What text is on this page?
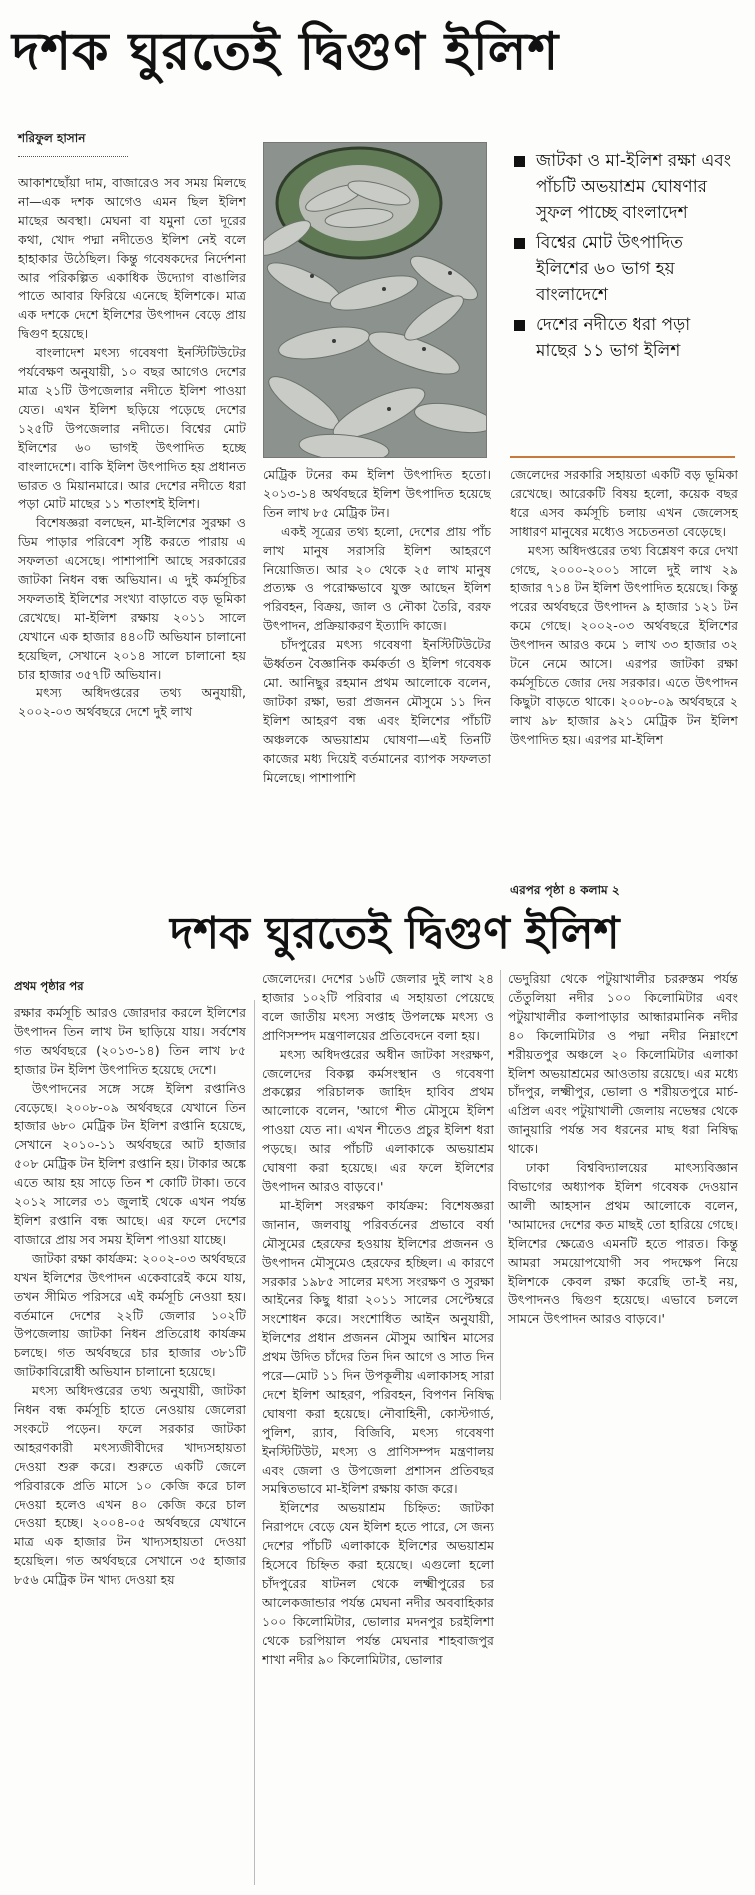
দশক ঘুরতেই দ্বিগুণ ইলিশ
শরিফুল হাসান

আকাশছোঁয়া দাম, বাজারেও সব সময় মিলছে না—এক দশক আগেও এমন ছিল ইলিশ মাছের অবস্থা। মেঘনা বা যমুনা তো দূরের কথা, খোদ পদ্মা নদীতেও ইলিশ নেই বলে হাহাকার উঠেছিল। কিন্তু গবেষকদের নির্দেশনা আর পরিকল্পিত একাধিক উদ্যোগ বাঙালির পাতে আবার ফিরিয়ে এনেছে ইলিশকে। মাত্র এক দশকে দেশে ইলিশের উৎপাদন বেড়ে প্রায় দ্বিগুণ হয়েছে।

বাংলাদেশ মৎস্য গবেষণা ইনস্টিটিউটের পর্যবেক্ষণ অনুযায়ী, ১০ বছর আগেও দেশের মাত্র ২১টি উপজেলার নদীতে ইলিশ পাওয়া যেত। এখন ইলিশ ছড়িয়ে পড়েছে দেশের ১২৫টি উপজেলার নদীতে। বিশ্বের মোট ইলিশের ৬০ ভাগই উৎপাদিত হচ্ছে বাংলাদেশে। বাকি ইলিশ উৎপাদিত হয় প্রধানত ভারত ও মিয়ানমারে। আর দেশের নদীতে ধরা পড়া মোট মাছের ১১ শতাংশই ইলিশ।

বিশেষজ্ঞরা বলছেন, মা-ইলিশের সুরক্ষা ও ডিম পাড়ার পরিবেশ সৃষ্টি করতে পারায় এ সফলতা এসেছে। পাশাপাশি আছে সরকারের জাটকা নিধন বন্ধ অভিযান। এ দুই কর্মসূচির সফলতাই ইলিশের সংখ্যা বাড়াতে বড় ভূমিকা রেখেছে। মা-ইলিশ রক্ষায় ২০১১ সালে যেখানে এক হাজার ৪৪০টি অভিযান চালানো হয়েছিল, সেখানে ২০১৪ সালে চালানো হয় চার হাজার ৩৫৭টি অভিযান।

মৎস্য অধিদপ্তরের তথ্য অনুযায়ী, ২০০২-০৩ অর্থবছরে দেশে দুই লাখ

জাটকা ও মা-ইলিশ রক্ষা এবং পাঁচটি অভয়াশ্রম ঘোষণার সুফল পাচ্ছে বাংলাদেশ
বিশ্বের মোট উৎপাদিত ইলিশের ৬০ ভাগ হয় বাংলাদেশে
দেশের নদীতে ধরা পড়া মাছের ১১ ভাগ ইলিশ

মেট্রিক টনের কম ইলিশ উৎপাদিত হতো। ২০১৩-১৪ অর্থবছরে ইলিশ উৎপাদিত হয়েছে তিন লাখ ৮৫ মেট্রিক টন।

একই সূত্রের তথ্য হলো, দেশের প্রায় পাঁচ লাখ মানুষ সরাসরি ইলিশ আহরণে নিয়োজিত। আর ২০ থেকে ২৫ লাখ মানুষ প্রত্যক্ষ ও পরোক্ষভাবে যুক্ত আছেন ইলিশ পরিবহন, বিক্রয়, জাল ও নৌকা তৈরি, বরফ উৎপাদন, প্রক্রিয়াকরণ ইত্যাদি কাজে।

চাঁদপুরের মৎস্য গবেষণা ইনস্টিটিউটের ঊর্ধ্বতন বৈজ্ঞানিক কর্মকর্তা ও ইলিশ গবেষক মো. আনিছুর রহমান প্রথম আলোকে বলেন, জাটকা রক্ষা, ভরা প্রজনন মৌসুমে ১১ দিন ইলিশ আহরণ বন্ধ এবং ইলিশের পাঁচটি অঞ্চলকে অভয়াশ্রম ঘোষণা—এই তিনটি কাজের মধ্য দিয়েই বর্তমানের ব্যাপক সফলতা মিলেছে। পাশাপাশি

জেলেদের সরকারি সহায়তা একটি বড় ভূমিকা রেখেছে। আরেকটি বিষয় হলো, কয়েক বছর ধরে এসব কর্মসূচি চলায় এখন জেলেসহ সাধারণ মানুষের মধ্যেও সচেতনতা বেড়েছে।

মৎস্য অধিদপ্তরের তথ্য বিশ্লেষণ করে দেখা গেছে, ২০০০-২০০১ সালে দুই লাখ ২৯ হাজার ৭১৪ টন ইলিশ উৎপাদিত হয়েছে। কিন্তু পরের অর্থবছরে উৎপাদন ৯ হাজার ১২১ টন কমে গেছে। ২০০২-০৩ অর্থবছরে ইলিশের উৎপাদন আরও কমে ১ লাখ ৩৩ হাজার ৩২ টনে নেমে আসে। এরপর জাটকা রক্ষা কর্মসূচিতে জোর দেয় সরকার। এতে উৎপাদন কিছুটা বাড়তে থাকে। ২০০৮-০৯ অর্থবছরে ২ লাখ ৯৮ হাজার ৯২১ মেট্রিক টন ইলিশ উৎপাদিত হয়। এরপর মা-ইলিশ

এরপর পৃষ্ঠা ৪ কলাম ২
দশক ঘুরতেই দ্বিগুণ ইলিশ
প্রথম পৃষ্ঠার পর

রক্ষার কর্মসূচি আরও জোরদার করলে ইলিশের উৎপাদন তিন লাখ টন ছাড়িয়ে যায়। সর্বশেষ গত অর্থবছরে (২০১৩-১৪) তিন লাখ ৮৫ হাজার টন ইলিশ উৎপাদিত হয়েছে দেশে।

উৎপাদনের সঙ্গে সঙ্গে ইলিশ রপ্তানিও বেড়েছে। ২০০৮-০৯ অর্থবছরে যেখানে তিন হাজার ৬৮০ মেট্রিক টন ইলিশ রপ্তানি হয়েছে, সেখানে ২০১০-১১ অর্থবছরে আট হাজার ৫০৮ মেট্রিক টন ইলিশ রপ্তানি হয়। টাকার অঙ্কে এতে আয় হয় সাড়ে তিন শ কোটি টাকা। তবে ২০১২ সালের ৩১ জুলাই থেকে এখন পর্যন্ত ইলিশ রপ্তানি বন্ধ আছে। এর ফলে দেশের বাজারে প্রায় সব সময় ইলিশ পাওয়া যাচ্ছে।

জাটকা রক্ষা কার্যক্রম: ২০০২-০৩ অর্থবছরে যখন ইলিশের উৎপাদন একেবারেই কমে যায়, তখন সীমিত পরিসরে এই কর্মসূচি নেওয়া হয়। বর্তমানে দেশের ২২টি জেলার ১০২টি উপজেলায় জাটকা নিধন প্রতিরোধ কার্যক্রম চলছে। গত অর্থবছরে চার হাজার ৩৮১টি জাটকাবিরোধী অভিযান চালানো হয়েছে।

মৎস্য অধিদপ্তরের তথ্য অনুযায়ী, জাটকা নিধন বন্ধ কর্মসূচি হাতে নেওয়ায় জেলেরা সংকটে পড়েন। ফলে সরকার জাটকা আহরণকারী মৎস্যজীবীদের খাদ্যসহায়তা দেওয়া শুরু করে। শুরুতে একটি জেলে পরিবারকে প্রতি মাসে ১০ কেজি করে চাল দেওয়া হলেও এখন ৪০ কেজি করে চাল দেওয়া হচ্ছে। ২০০৪-০৫ অর্থবছরে যেখানে মাত্র এক হাজার টন খাদ্যসহায়তা দেওয়া হয়েছিল। গত অর্থবছরে সেখানে ৩৫ হাজার ৮৫৬ মেট্রিক টন খাদ্য দেওয়া হয়

জেলেদের। দেশের ১৬টি জেলার দুই লাখ ২৪ হাজার ১০২টি পরিবার এ সহায়তা পেয়েছে বলে জাতীয় মৎস্য সপ্তাহ উপলক্ষে মৎস্য ও প্রাণিসম্পদ মন্ত্রণালয়ের প্রতিবেদনে বলা হয়।

মৎস্য অধিদপ্তরের অধীন জাটকা সংরক্ষণ, জেলেদের বিকল্প কর্মসংস্থান ও গবেষণা প্রকল্পের পরিচালক জাহিদ হাবিব প্রথম আলোকে বলেন, 'আগে শীত মৌসুমে ইলিশ পাওয়া যেত না। এখন শীতেও প্রচুর ইলিশ ধরা পড়ছে। আর পাঁচটি এলাকাকে অভয়াশ্রম ঘোষণা করা হয়েছে। এর ফলে ইলিশের উৎপাদন আরও বাড়বে।'

মা-ইলিশ সংরক্ষণ কার্যক্রম: বিশেষজ্ঞরা জানান, জলবায়ু পরিবর্তনের প্রভাবে বর্ষা মৌসুমের হেরফের হওয়ায় ইলিশের প্রজনন ও উৎপাদন মৌসুমেও হেরফের হচ্ছিল। এ কারণে সরকার ১৯৮৫ সালের মৎস্য সংরক্ষণ ও সুরক্ষা আইনের কিছু ধারা ২০১১ সালের সেপ্টেম্বরে সংশোধন করে। সংশোধিত আইন অনুযায়ী, ইলিশের প্রধান প্রজনন মৌসুম আশ্বিন মাসের প্রথম উদিত চাঁদের তিন দিন আগে ও সাত দিন পরে—মোট ১১ দিন উপকূলীয় এলাকাসহ সারা দেশে ইলিশ আহরণ, পরিবহন, বিপণন নিষিদ্ধ ঘোষণা করা হয়েছে। নৌবাহিনী, কোস্টগার্ড, পুলিশ, র‍্যাব, বিজিবি, মৎস্য গবেষণা ইনস্টিটিউট, মৎস্য ও প্রাণিসম্পদ মন্ত্রণালয় এবং জেলা ও উপজেলা প্রশাসন প্রতিবছর সমন্বিতভাবে মা-ইলিশ রক্ষায় কাজ করে।

ইলিশের অভয়াশ্রম চিহ্নিত: জাটকা নিরাপদে বেড়ে যেন ইলিশ হতে পারে, সে জন্য দেশের পাঁচটি এলাকাকে ইলিশের অভয়াশ্রম হিসেবে চিহ্নিত করা হয়েছে। এগুলো হলো চাঁদপুরের ষাটনল থেকে লক্ষ্মীপুরের চর আলেকজান্ডার পর্যন্ত মেঘনা নদীর অববাহিকার ১০০ কিলোমিটার, ভোলার মদনপুর চরইলিশা থেকে চরপিয়াল পর্যন্ত মেঘনার শাহবাজপুর শাখা নদীর ৯০ কিলোমিটার, ভোলার

ভেদুরিয়া থেকে পটুয়াখালীর চররুস্তম পর্যন্ত তেঁতুলিয়া নদীর ১০০ কিলোমিটার এবং পটুয়াখালীর কলাপাড়ার আন্ধারমানিক নদীর ৪০ কিলোমিটার ও পদ্মা নদীর নিম্নাংশে শরীয়তপুর অঞ্চলে ২০ কিলোমিটার এলাকা ইলিশ অভয়াশ্রমের আওতায় রয়েছে। এর মধ্যে চাঁদপুর, লক্ষ্মীপুর, ভোলা ও শরীয়তপুরে মার্চ-এপ্রিল এবং পটুয়াখালী জেলায় নভেম্বর থেকে জানুয়ারি পর্যন্ত সব ধরনের মাছ ধরা নিষিদ্ধ থাকে।

ঢাকা বিশ্ববিদ্যালয়ের মাৎস্যবিজ্ঞান বিভাগের অধ্যাপক ইলিশ গবেষক দেওয়ান আলী আহসান প্রথম আলোকে বলেন, 'আমাদের দেশের কত মাছই তো হারিয়ে গেছে। ইলিশের ক্ষেত্রেও এমনটি হতে পারত। কিন্তু আমরা সময়োপযোগী সব পদক্ষেপ নিয়ে ইলিশকে কেবল রক্ষা করেছি তা-ই নয়, উৎপাদনও দ্বিগুণ হয়েছে। এভাবে চললে সামনে উৎপাদন আরও বাড়বে।'
